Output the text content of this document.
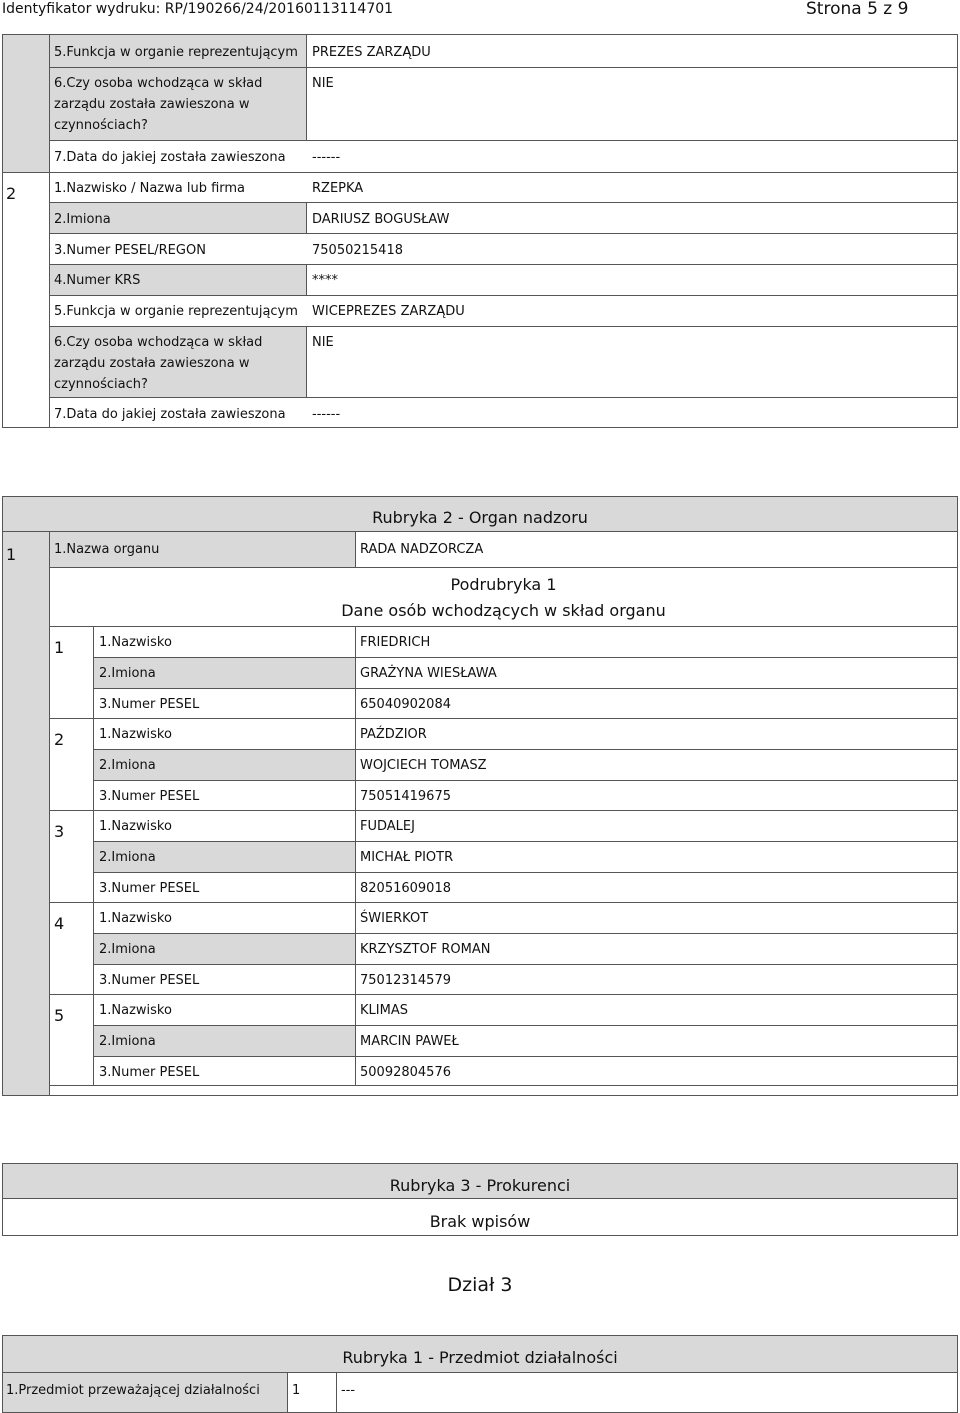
Identyfikator wydruku: RP/190266/24/20160113114701	Strona 5 z 9
5.Funkcja w organie reprezentującym PREZES ZARZĄDU
6.Czy osoba wchodząca w skład zarządu została zawieszona w czynnościach?
NIE
7.Data do jakiej została zawieszona ------
2	1.Nazwisko / Nazwa lub firma	RZEPKA
2.Imiona	DARIUSZ BOGUSŁAW
3.Numer PESEL/REGON	75050215418
4.Numer KRS	****
5.Funkcja w organie reprezentującym WICEPREZES ZARZĄDU
6.Czy osoba wchodząca w skład zarządu została zawieszona w czynnościach?
NIE
7.Data do jakiej została zawieszona ------
Rubryka 2 - Organ nadzoru
1	1.Nazwa organu	RADA NADZORCZA
Podrubryka 1
Dane osób wchodzących w skład organu
1	1.Nazwisko	FRIEDRICH
2.Imiona	GRAŻYNA WIESŁAWA
3.Numer PESEL	65040902084
2	1.Nazwisko	PAŹDZIOR
2.Imiona	WOJCIECH TOMASZ
3.Numer PESEL	75051419675
3	1.Nazwisko	FUDALEJ
2.Imiona	MICHAŁ PIOTR
3.Numer PESEL	82051609018
4	1.Nazwisko	ŚWIERKOT
2.Imiona	KRZYSZTOF ROMAN
3.Numer PESEL	75012314579
5	1.Nazwisko	KLIMAS
2.Imiona	MARCIN PAWEŁ
3.Numer PESEL	50092804576
Rubryka 3 - Prokurenci
Brak wpisów
Dział 3
Rubryka 1 - Przedmiot działalności
1.Przedmiot przeważającej działalności 1	---
